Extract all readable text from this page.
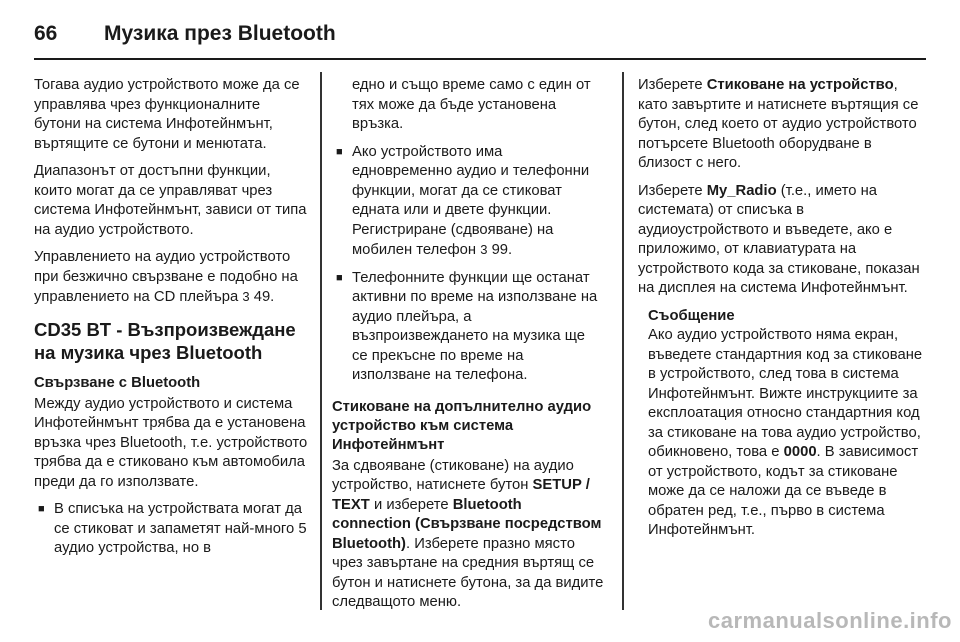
66	Музика през Bluetooth

Тогава аудио устройството може да се управлява чрез функционалните бутони на система Инфотейнмънт, въртящите се бутони и менютата.

Диапазонът от достъпни функции, които могат да се управляват чрез система Инфотейнмънт, зависи от типа на аудио устройството.

Управлението на аудио устройството при безжично свързване е подобно на управлението на CD плейъра 3 49.

CD35 BT - Възпроизвеждане на музика чрез Bluetooth
Свързване с Bluetooth

Между аудио устройството и система Инфотейнмънт трябва да е установена връзка чрез Bluetooth, т.е. устройството трябва да е стиковано към автомобила преди да го използвате.

■ В списъка на устройствата могат да се стиковат и запаметят най-много 5 аудио устройства, но в

едно и също време само с един от тях може да бъде установена връзка.

■ Ако устройството има едновременно аудио и телефонни функции, могат да се стиковат едната или и двете функции. Регистриране (сдвояване) на мобилен телефон 3 99.
■ Телефонните функции ще останат активни по време на използване на аудио плейъра, а възпроизвеждането на музика ще се прекъсне по време на използване на телефона.
Стиковане на допълнително аудио устройство към система Инфотейнмънт

За сдвояване (стиковане) на аудио устройство, натиснете бутон SETUP / TEXT и изберете Bluetooth connection (Свързване посредством Bluetooth). Изберете празно място чрез завъртане на средния въртящ се бутон и натиснете бутона, за да видите следващото меню.

Изберете Стиковане на устройство, като завъртите и натиснете въртящия се бутон, след което от аудио устройството потърсете Bluetooth оборудване в близост с него.

Изберете My_Radio (т.е., името на системата) от списъка в аудиоустройството и въведете, ако е приложимо, от клавиатурата на устройството кода за стиковане, показан на дисплея на система Инфотейнмънт.

Съобщение
Ако аудио устройството няма екран, въведете стандартния код за стиковане в устройството, след това в система Инфотейнмънт. Вижте инструкциите за експлоатация относно стандартния код за стиковане на това аудио устройство, обикновено, това е 0000. В зависимост от устройството, кодът за стиковане може да се наложи да се въведе в обратен ред, т.е., първо в система Инфотейнмънт.
carmanualsonline.info
